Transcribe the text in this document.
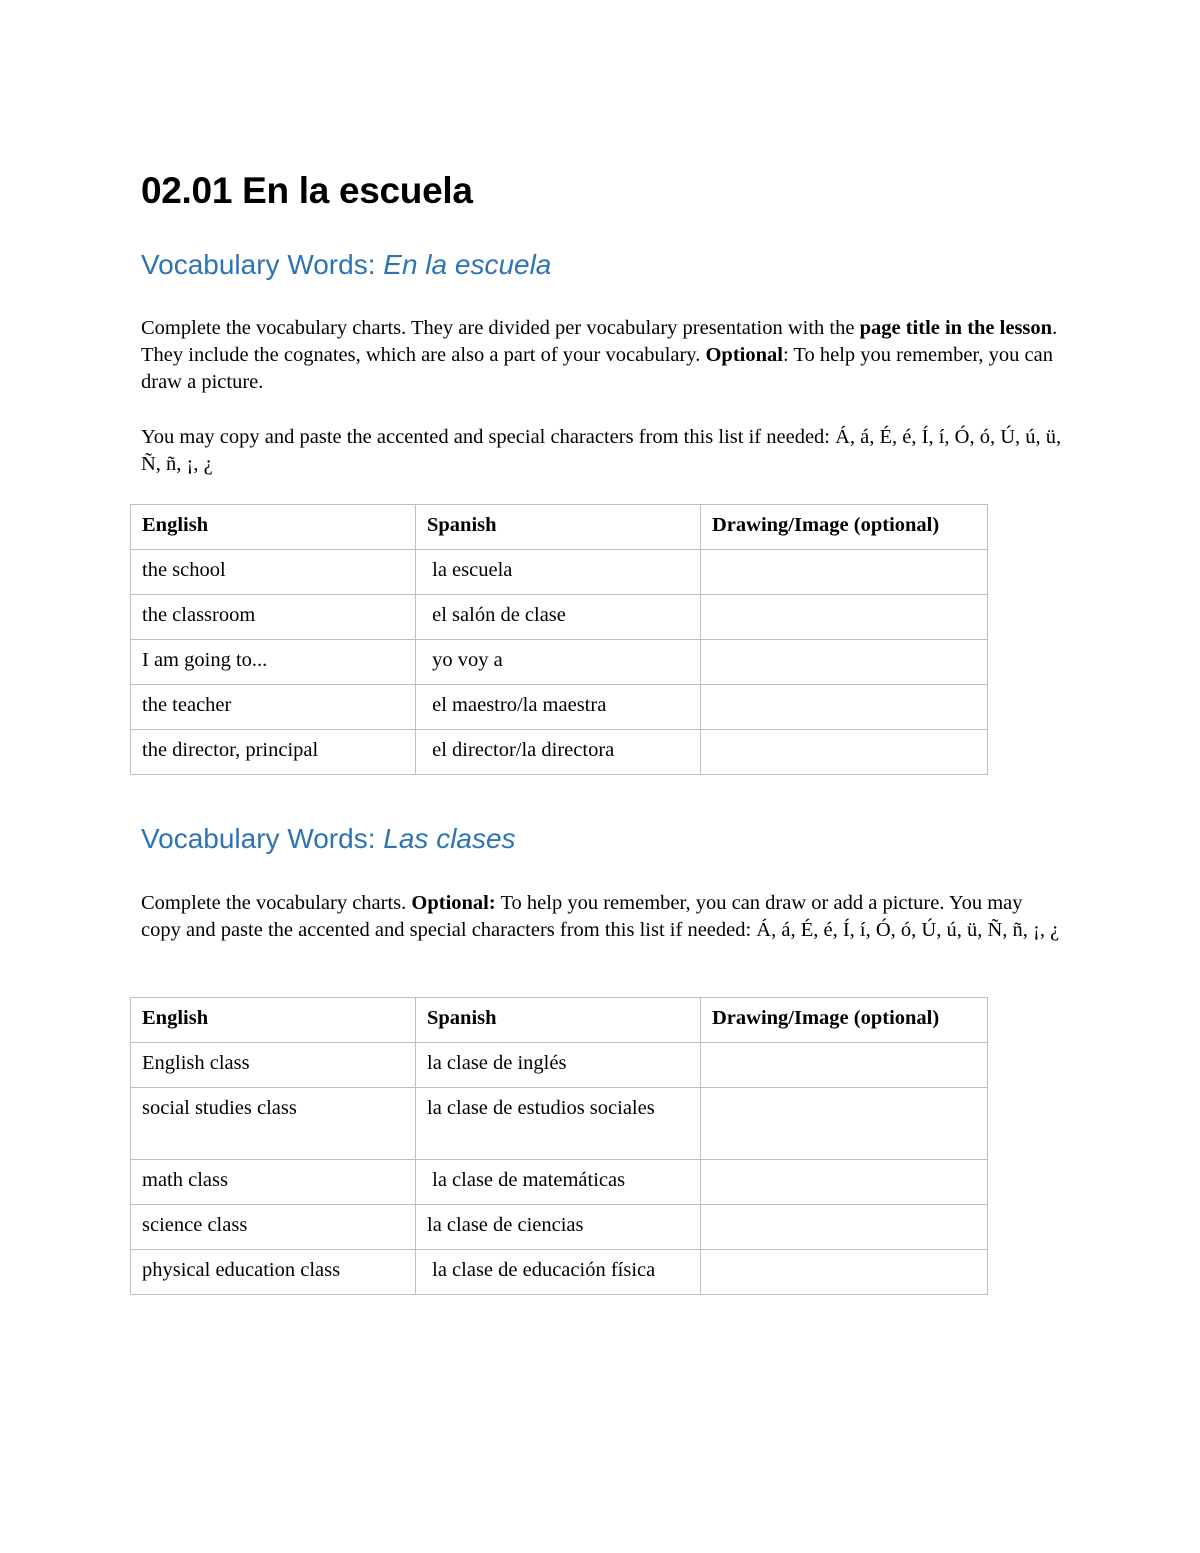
02.01 En la escuela
Vocabulary Words: En la escuela

Complete the vocabulary charts. They are divided per vocabulary presentation with the page title in the lesson. They include the cognates, which are also a part of your vocabulary. Optional: To help you remember, you can draw a picture.

You may copy and paste the accented and special characters from this list if needed: Á, á, É, é, Í, í, Ó, ó, Ú, ú, ü, Ñ, ñ, ¡, ¿

English	Spanish	Drawing/Image (optional)
the school	la escuela	
the classroom	el salón de clase	
I am going to...	yo voy a	
the teacher	el maestro/la maestra	
the director, principal	el director/la directora	
Vocabulary Words: Las clases

Complete the vocabulary charts. Optional: To help you remember, you can draw or add a picture. You may copy and paste the accented and special characters from this list if needed: Á, á, É, é, Í, í, Ó, ó, Ú, ú, ü, Ñ, ñ, ¡, ¿

English	Spanish	Drawing/Image (optional)
English class	la clase de inglés	
social studies class	la clase de estudios sociales	
math class	la clase de matemáticas	
science class	la clase de ciencias	
physical education class	la clase de educación física	
